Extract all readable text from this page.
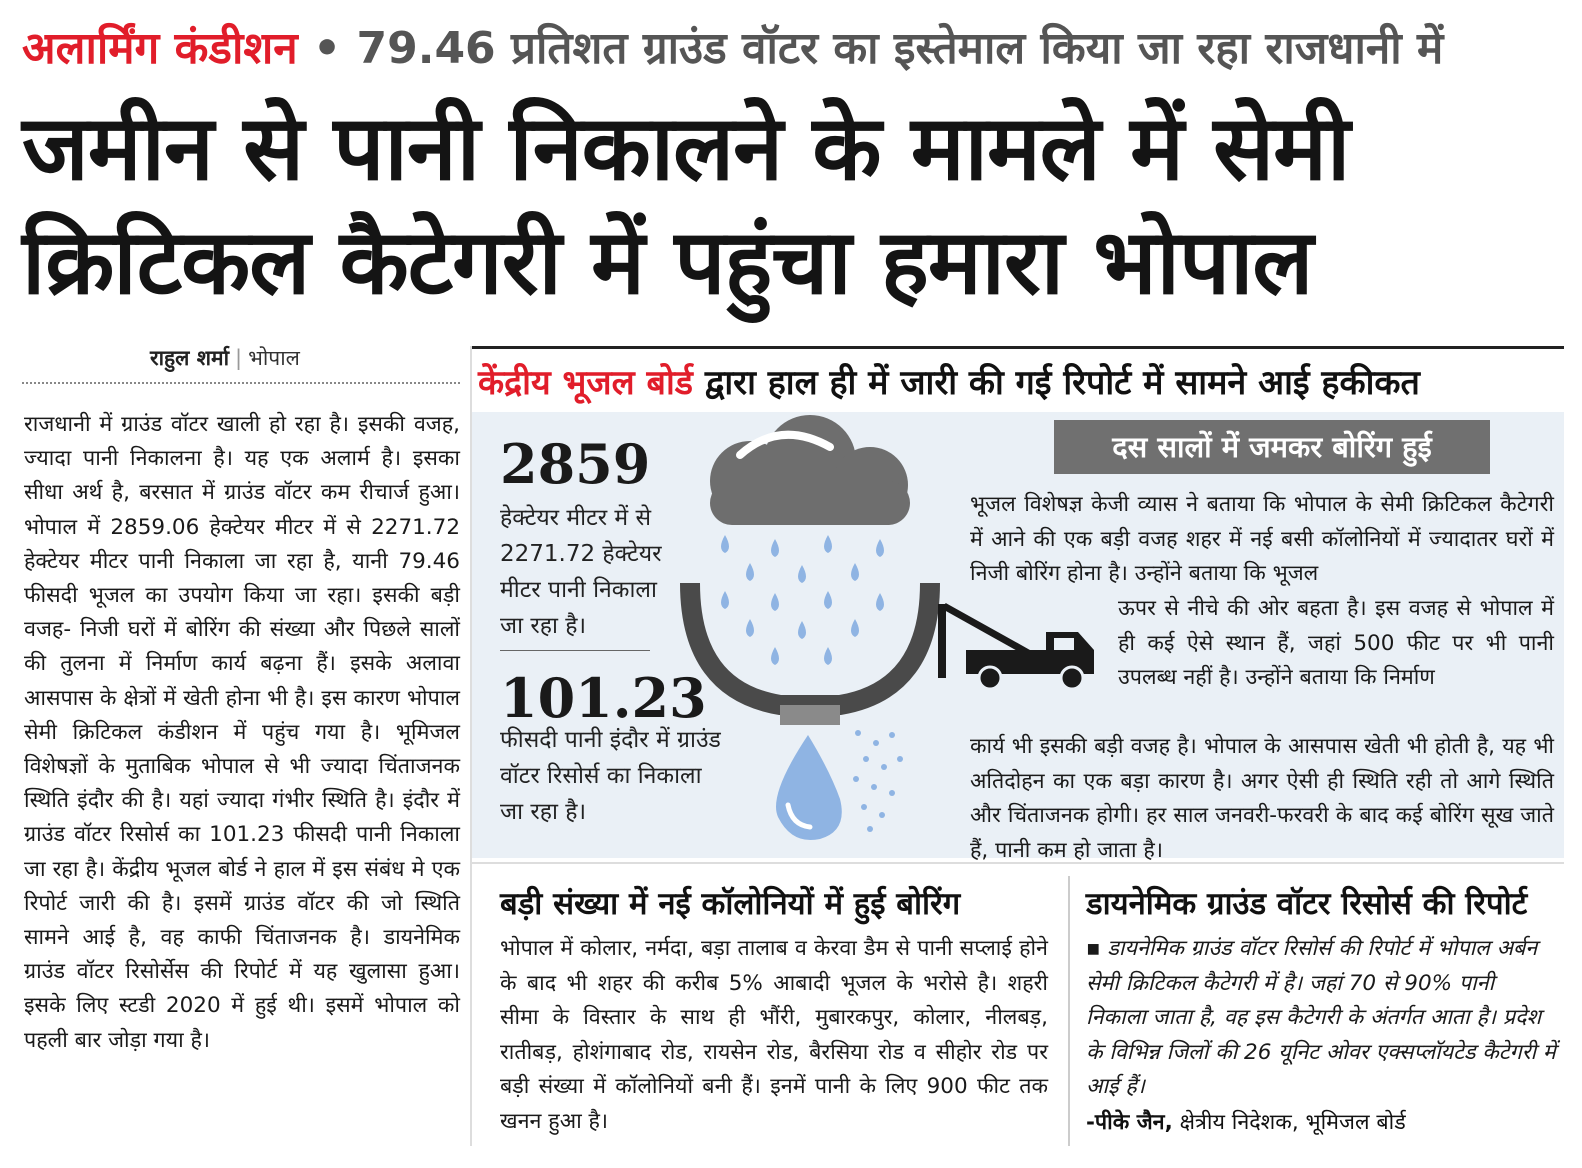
अलार्मिंग कंडीशन • 79.46 प्रतिशत ग्राउंड वॉटर का इस्तेमाल किया जा रहा राजधानी में
जमीन से पानी निकालने के मामले में सेमी
क्रिटिकल कैटेगरी में पहुंचा हमारा भोपाल
राहुल शर्मा | भोपाल
राजधानी में ग्राउंड वॉटर खाली हो रहा है। इसकी वजह, ज्यादा पानी निकालना है। यह एक अलार्म है। इसका सीधा अर्थ है, बरसात में ग्राउंड वॉटर कम रीचार्ज हुआ। भोपाल में 2859.06 हेक्टेयर मीटर में से 2271.72 हेक्टेयर मीटर पानी निकाला जा रहा है, यानी 79.46 फीसदी भूजल का उपयोग किया जा रहा। इसकी बड़ी वजह- निजी घरों में बोरिंग की संख्या और पिछले सालों की तुलना में निर्माण कार्य बढ़ना हैं। इसके अलावा आसपास के क्षेत्रों में खेती होना भी है। इस कारण भोपाल सेमी क्रिटिकल कंडीशन में पहुंच गया है। भूमिजल विशेषज्ञों के मुताबिक भोपाल से भी ज्यादा चिंताजनक स्थिति इंदौर की है। यहां ज्यादा गंभीर स्थिति है। इंदौर में ग्राउंड वॉटर रिसोर्स का 101.23 फीसदी पानी निकाला जा रहा है। केंद्रीय भूजल बोर्ड ने हाल में इस संबंध मे एक रिपोर्ट जारी की है। इसमें ग्राउंड वॉटर की जो स्थिति सामने आई है, वह काफी चिंताजनक है। डायनेमिक ग्राउंड वॉटर रिसोर्सेस की रिपोर्ट में यह खुलासा हुआ। इसके लिए स्टडी 2020 में हुई थी। इसमें भोपाल को पहली बार जोड़ा गया है।
केंद्रीय भूजल बोर्ड द्वारा हाल ही में जारी की गई रिपोर्ट में सामने आई हकीकत
2859
हेक्टेयर मीटर में से 2271.72 हेक्टेयर मीटर पानी निकाला जा रहा है।
101.23
फीसदी पानी इंदौर में ग्राउंड वॉटर रिसोर्स का निकाला जा रहा है।
दस सालों में जमकर बोरिंग हुई
भूजल विशेषज्ञ केजी व्यास ने बताया कि भोपाल के सेमी क्रिटिकल कैटेगरी में आने की एक बड़ी वजह शहर में नई बसी कॉलोनियों में ज्यादातर घरों में निजी बोरिंग होना है। उन्होंने बताया कि भूजल
ऊपर से नीचे की ओर बहता है। इस वजह से भोपाल में ही कई ऐसे स्थान हैं, जहां 500 फीट पर भी पानी उपलब्ध नहीं है। उन्होंने बताया कि निर्माण
कार्य भी इसकी बड़ी वजह है। भोपाल के आसपास खेती भी होती है, यह भी अतिदोहन का एक बड़ा कारण है। अगर ऐसी ही स्थिति रही तो आगे स्थिति और चिंताजनक होगी। हर साल जनवरी-फरवरी के बाद कई बोरिंग सूख जाते हैं, पानी कम हो जाता है।
बड़ी संख्या में नई कॉलोनियों में हुई बोरिंग
भोपाल में कोलार, नर्मदा, बड़ा तालाब व केरवा डैम से पानी सप्लाई होने के बाद भी शहर की करीब 5% आबादी भूजल के भरोसे है। शहरी सीमा के विस्तार के साथ ही भौंरी, मुबारकपुर, कोलार, नीलबड़, रातीबड़, होशंगाबाद रोड, रायसेन रोड, बैरसिया रोड व सीहोर रोड पर बड़ी संख्या में कॉलोनियों बनी हैं। इनमें पानी के लिए 900 फीट तक खनन हुआ है।
डायनेमिक ग्राउंड वॉटर रिसोर्स की रिपोर्ट
▪ डायनेमिक ग्राउंड वॉटर रिसोर्स की रिपोर्ट में भोपाल अर्बन सेमी क्रिटिकल कैटेगरी में है। जहां 70 से 90% पानी निकाला जाता है, वह इस कैटेगरी के अंतर्गत आता है। प्रदेश के विभिन्न जिलों की 26 यूनिट ओवर एक्सप्लॉयटेड कैटेगरी में आई हैं।
-पीके जैन, क्षेत्रीय निदेशक, भूमिजल बोर्ड
